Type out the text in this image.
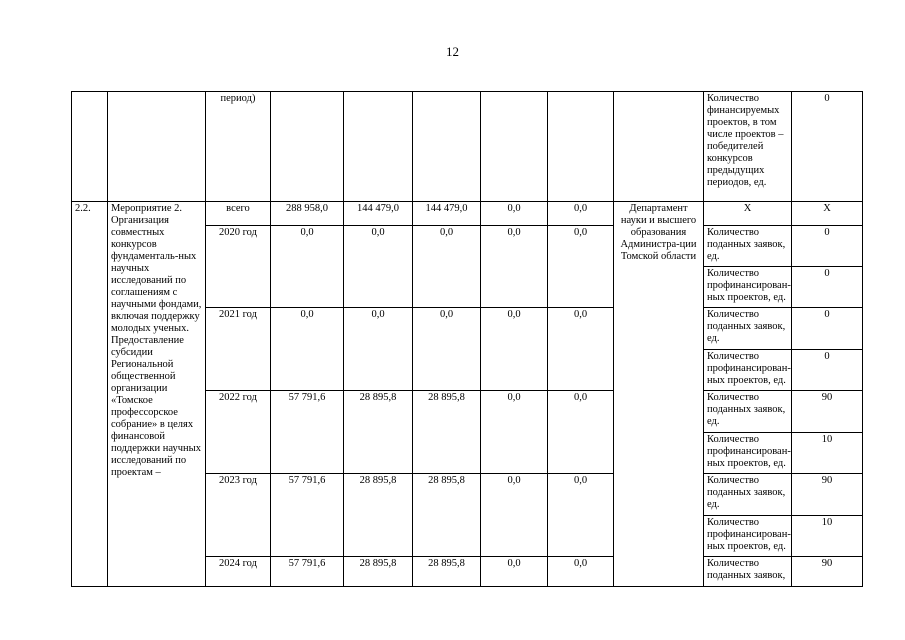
12
		период)							Количество финансируемых проектов, в том числе проектов – победителей конкурсов предыдущих периодов, ед.	0
2.2.	Мероприятие 2. Организация совместных конкурсов фундаменталь-ных научных исследований по соглашениям с научными фондами, включая поддержку молодых ученых. Предоставление субсидии Региональной общественной организации «Томское профессорское собрание» в целях финансовой поддержки научных исследований по проектам –	всего	288 958,0	144 479,0	144 479,0	0,0	0,0	Департамент науки и высшего образования Администра-ции Томской области	Х	Х
		2020 год	0,0	0,0	0,0	0,0	0,0		Количество поданных заявок, ед.	0
									Количество профинансирован-ных проектов, ед.	0
		2021 год	0,0	0,0	0,0	0,0	0,0		Количество поданных заявок, ед.	0
									Количество профинансирован-ных проектов, ед.	0
		2022 год	57 791,6	28 895,8	28 895,8	0,0	0,0		Количество поданных заявок, ед.	90
									Количество профинансирован-ных проектов, ед.	10
		2023 год	57 791,6	28 895,8	28 895,8	0,0	0,0		Количество поданных заявок, ед.	90
									Количество профинансирован-ных проектов, ед.	10
		2024 год	57 791,6	28 895,8	28 895,8	0,0	0,0		Количество поданных заявок,	90
